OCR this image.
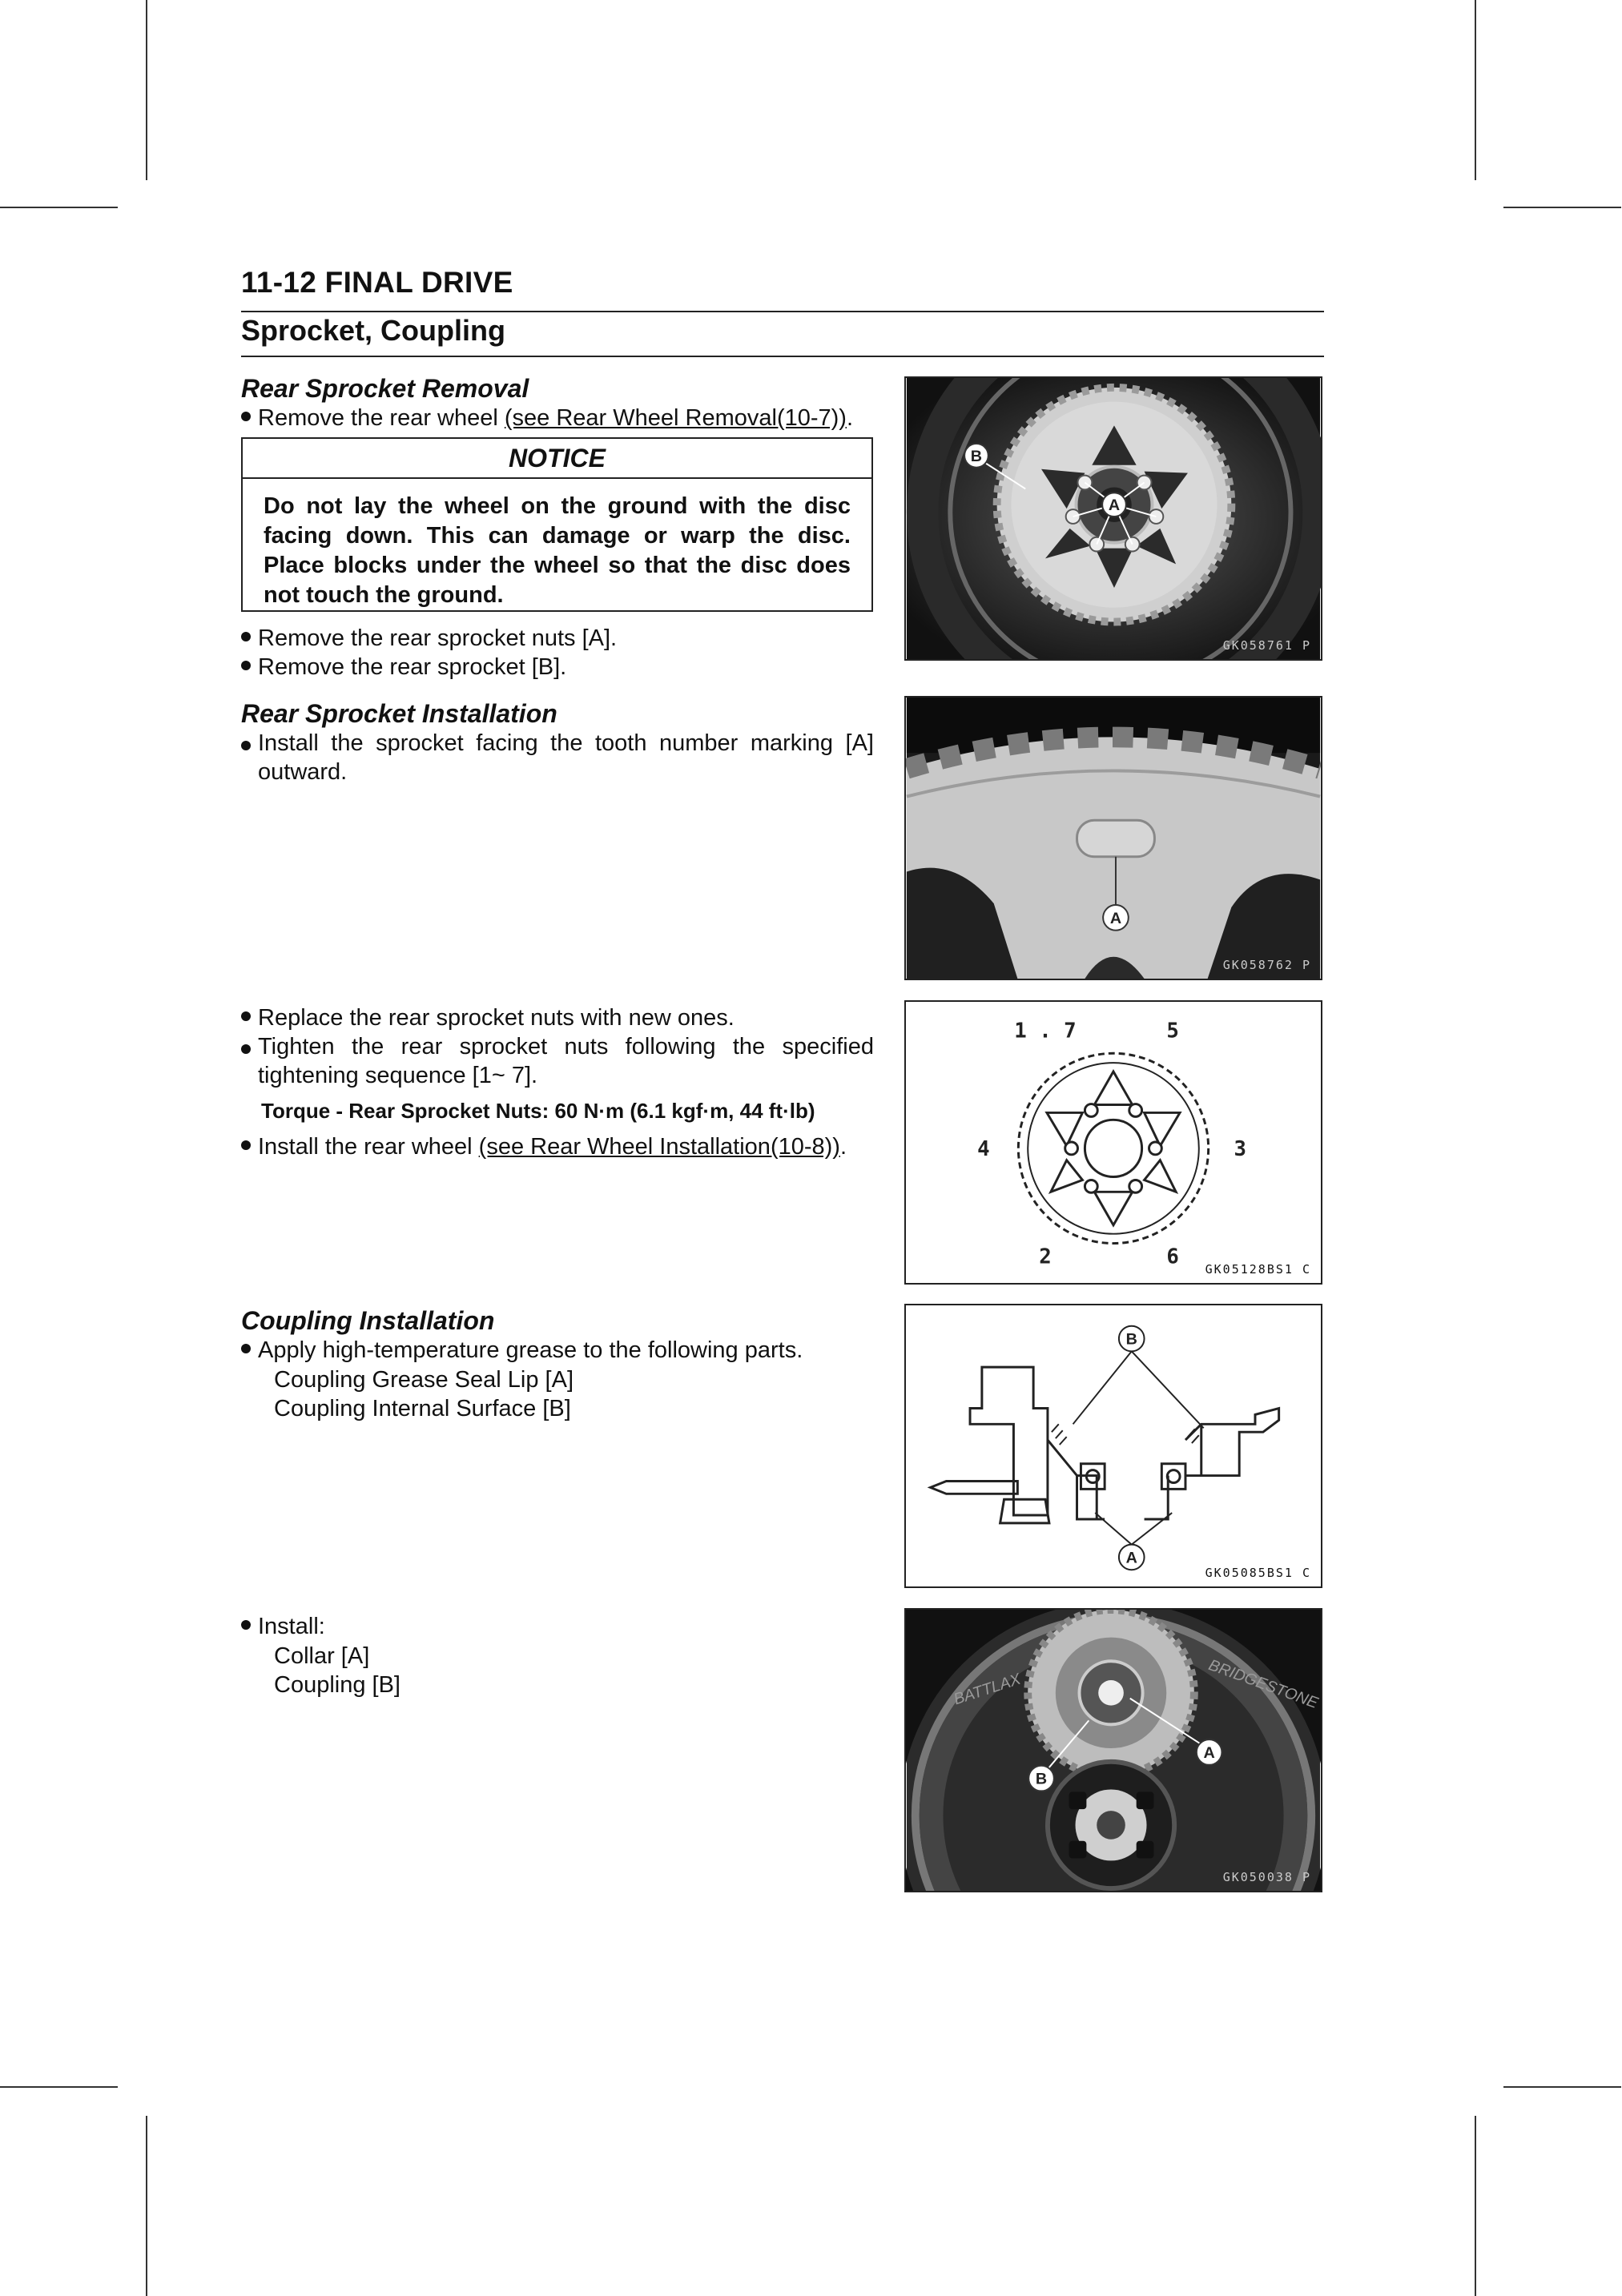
11-12 FINAL DRIVE
Sprocket, Coupling
Rear Sprocket Removal
Remove the rear wheel (see Rear Wheel Removal(10-7)).
NOTICE
Do not lay the wheel on the ground with the disc facing down. This can damage or warp the disc. Place blocks under the wheel so that the disc does not touch the ground.
Remove the rear sprocket nuts [A].
Remove the rear sprocket [B].
Rear Sprocket Installation
Install the sprocket facing the tooth number marking [A] outward.
Replace the rear sprocket nuts with new ones.
Tighten the rear sprocket nuts following the specified tightening sequence [1~ 7].
Torque - Rear Sprocket Nuts: 60 N·m (6.1 kgf·m, 44 ft·lb)
Install the rear wheel (see Rear Wheel Installation(10-8)).
Coupling Installation
Apply high-temperature grease to the following parts.
Coupling Grease Seal Lip [A]
Coupling Internal Surface [B]
Install:
Collar [A]
Coupling [B]
A
B
GK058761 P
A
GK058762 P
1 . 7	5
4	3
2	6
GK05128BS1 C
B
A
GK05085BS1 C
BATTLAX	BRIDGESTONE
A
B
GK050038 P
